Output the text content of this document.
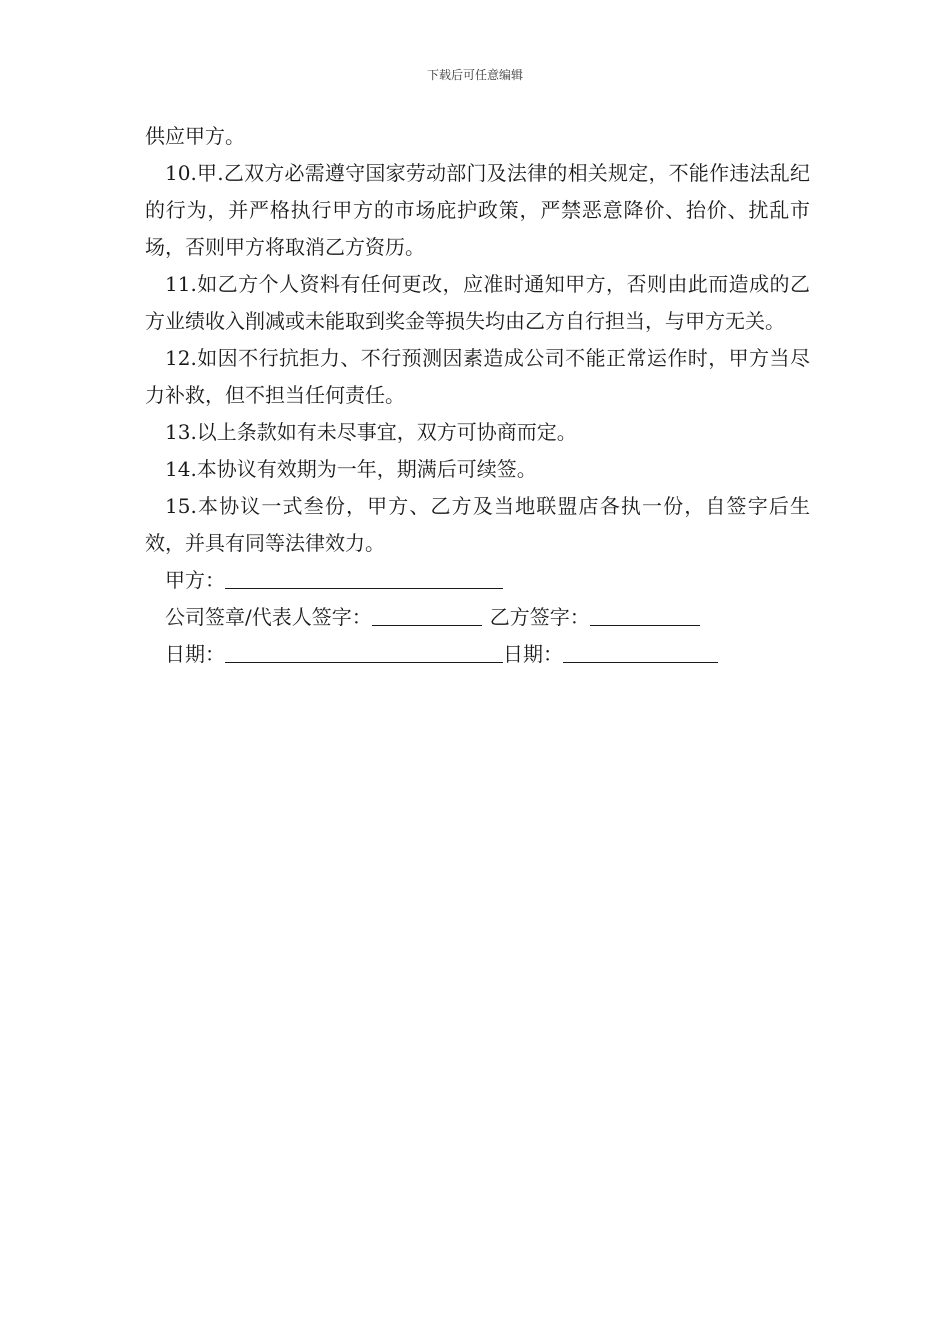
下载后可任意编辑

供应甲方。

10.甲.乙双方必需遵守国家劳动部门及法律的相关规定，不能作违法乱纪的行为，并严格执行甲方的市场庇护政策，严禁恶意降价、抬价、扰乱市场，否则甲方将取消乙方资历。

11.如乙方个人资料有任何更改，应准时通知甲方，否则由此而造成的乙方业绩收入削减或未能取到奖金等损失均由乙方自行担当，与甲方无关。

12.如因不行抗拒力、不行预测因素造成公司不能正常运作时，甲方当尽力补救，但不担当任何责任。

13.以上条款如有未尽事宜，双方可协商而定。

14.本协议有效期为一年，期满后可续签。

15.本协议一式叁份，甲方、乙方及当地联盟店各执一份，自签字后生效，并具有同等法律效力。

甲方：
公司签章/代表人签字：	乙方签字：
日期：	日期：
